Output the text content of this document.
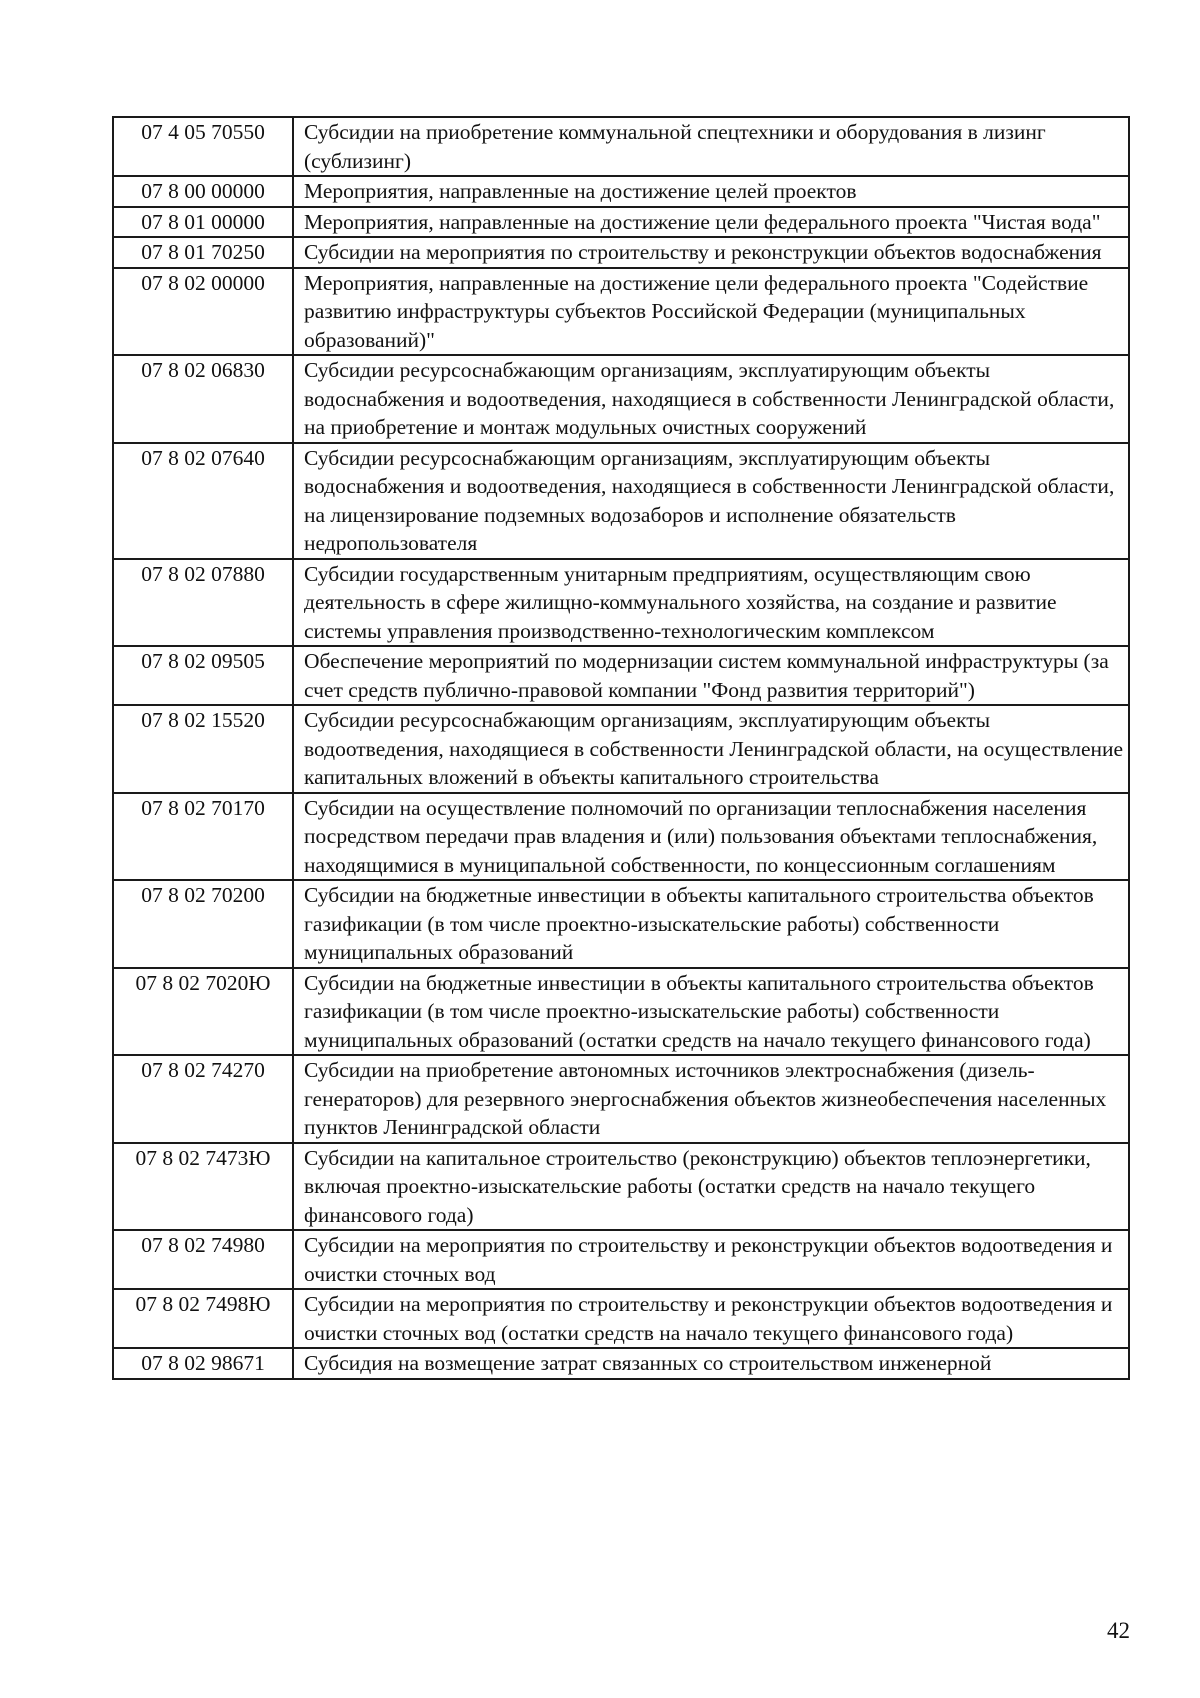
07 4 05 70550	Субсидии на приобретение коммунальной спецтехники и оборудования в лизинг (сублизинг)
07 8 00 00000	Мероприятия, направленные на достижение целей проектов
07 8 01 00000	Мероприятия, направленные на достижение цели федерального проекта "Чистая вода"
07 8 01 70250	Субсидии на мероприятия по строительству и реконструкции объектов водоснабжения
07 8 02 00000	Мероприятия, направленные на достижение цели федерального проекта "Содействие развитию инфраструктуры субъектов Российской Федерации (муниципальных образований)"
07 8 02 06830	Субсидии ресурсоснабжающим организациям, эксплуатирующим объекты водоснабжения и водоотведения, находящиеся в собственности Ленинградской области, на приобретение и монтаж модульных очистных сооружений
07 8 02 07640	Субсидии ресурсоснабжающим организациям, эксплуатирующим объекты водоснабжения и водоотведения, находящиеся в собственности Ленинградской области, на лицензирование подземных водозаборов и исполнение обязательств недропользователя
07 8 02 07880	Субсидии государственным унитарным предприятиям, осуществляющим свою деятельность в сфере жилищно-коммунального хозяйства, на создание и развитие системы управления производственно-технологическим комплексом
07 8 02 09505	Обеспечение мероприятий по модернизации систем коммунальной инфраструктуры (за счет средств публично-правовой компании "Фонд развития территорий")
07 8 02 15520	Субсидии ресурсоснабжающим организациям, эксплуатирующим объекты водоотведения, находящиеся в собственности Ленинградской области, на осуществление капитальных вложений в объекты капитального строительства
07 8 02 70170	Субсидии на осуществление полномочий по организации теплоснабжения населения посредством передачи прав владения и (или) пользования объектами теплоснабжения, находящимися в муниципальной собственности, по концессионным соглашениям
07 8 02 70200	Субсидии на бюджетные инвестиции в объекты капитального строительства объектов газификации (в том числе проектно-изыскательские работы) собственности муниципальных образований
07 8 02 7020Ю	Субсидии на бюджетные инвестиции в объекты капитального строительства объектов газификации (в том числе проектно-изыскательские работы) собственности муниципальных образований (остатки средств на начало текущего финансового года)
07 8 02 74270	Субсидии на приобретение автономных источников электроснабжения (дизель-генераторов) для резервного энергоснабжения объектов жизнеобеспечения населенных пунктов Ленинградской области
07 8 02 7473Ю	Субсидии на капитальное строительство (реконструкцию) объектов теплоэнергетики, включая проектно-изыскательские работы (остатки средств на начало текущего финансового года)
07 8 02 74980	Субсидии на мероприятия по строительству и реконструкции объектов водоотведения и очистки сточных вод
07 8 02 7498Ю	Субсидии на мероприятия по строительству и реконструкции объектов водоотведения и очистки сточных вод (остатки средств на начало текущего финансового года)
07 8 02 98671	Субсидия на возмещение затрат связанных со строительством инженерной
42
